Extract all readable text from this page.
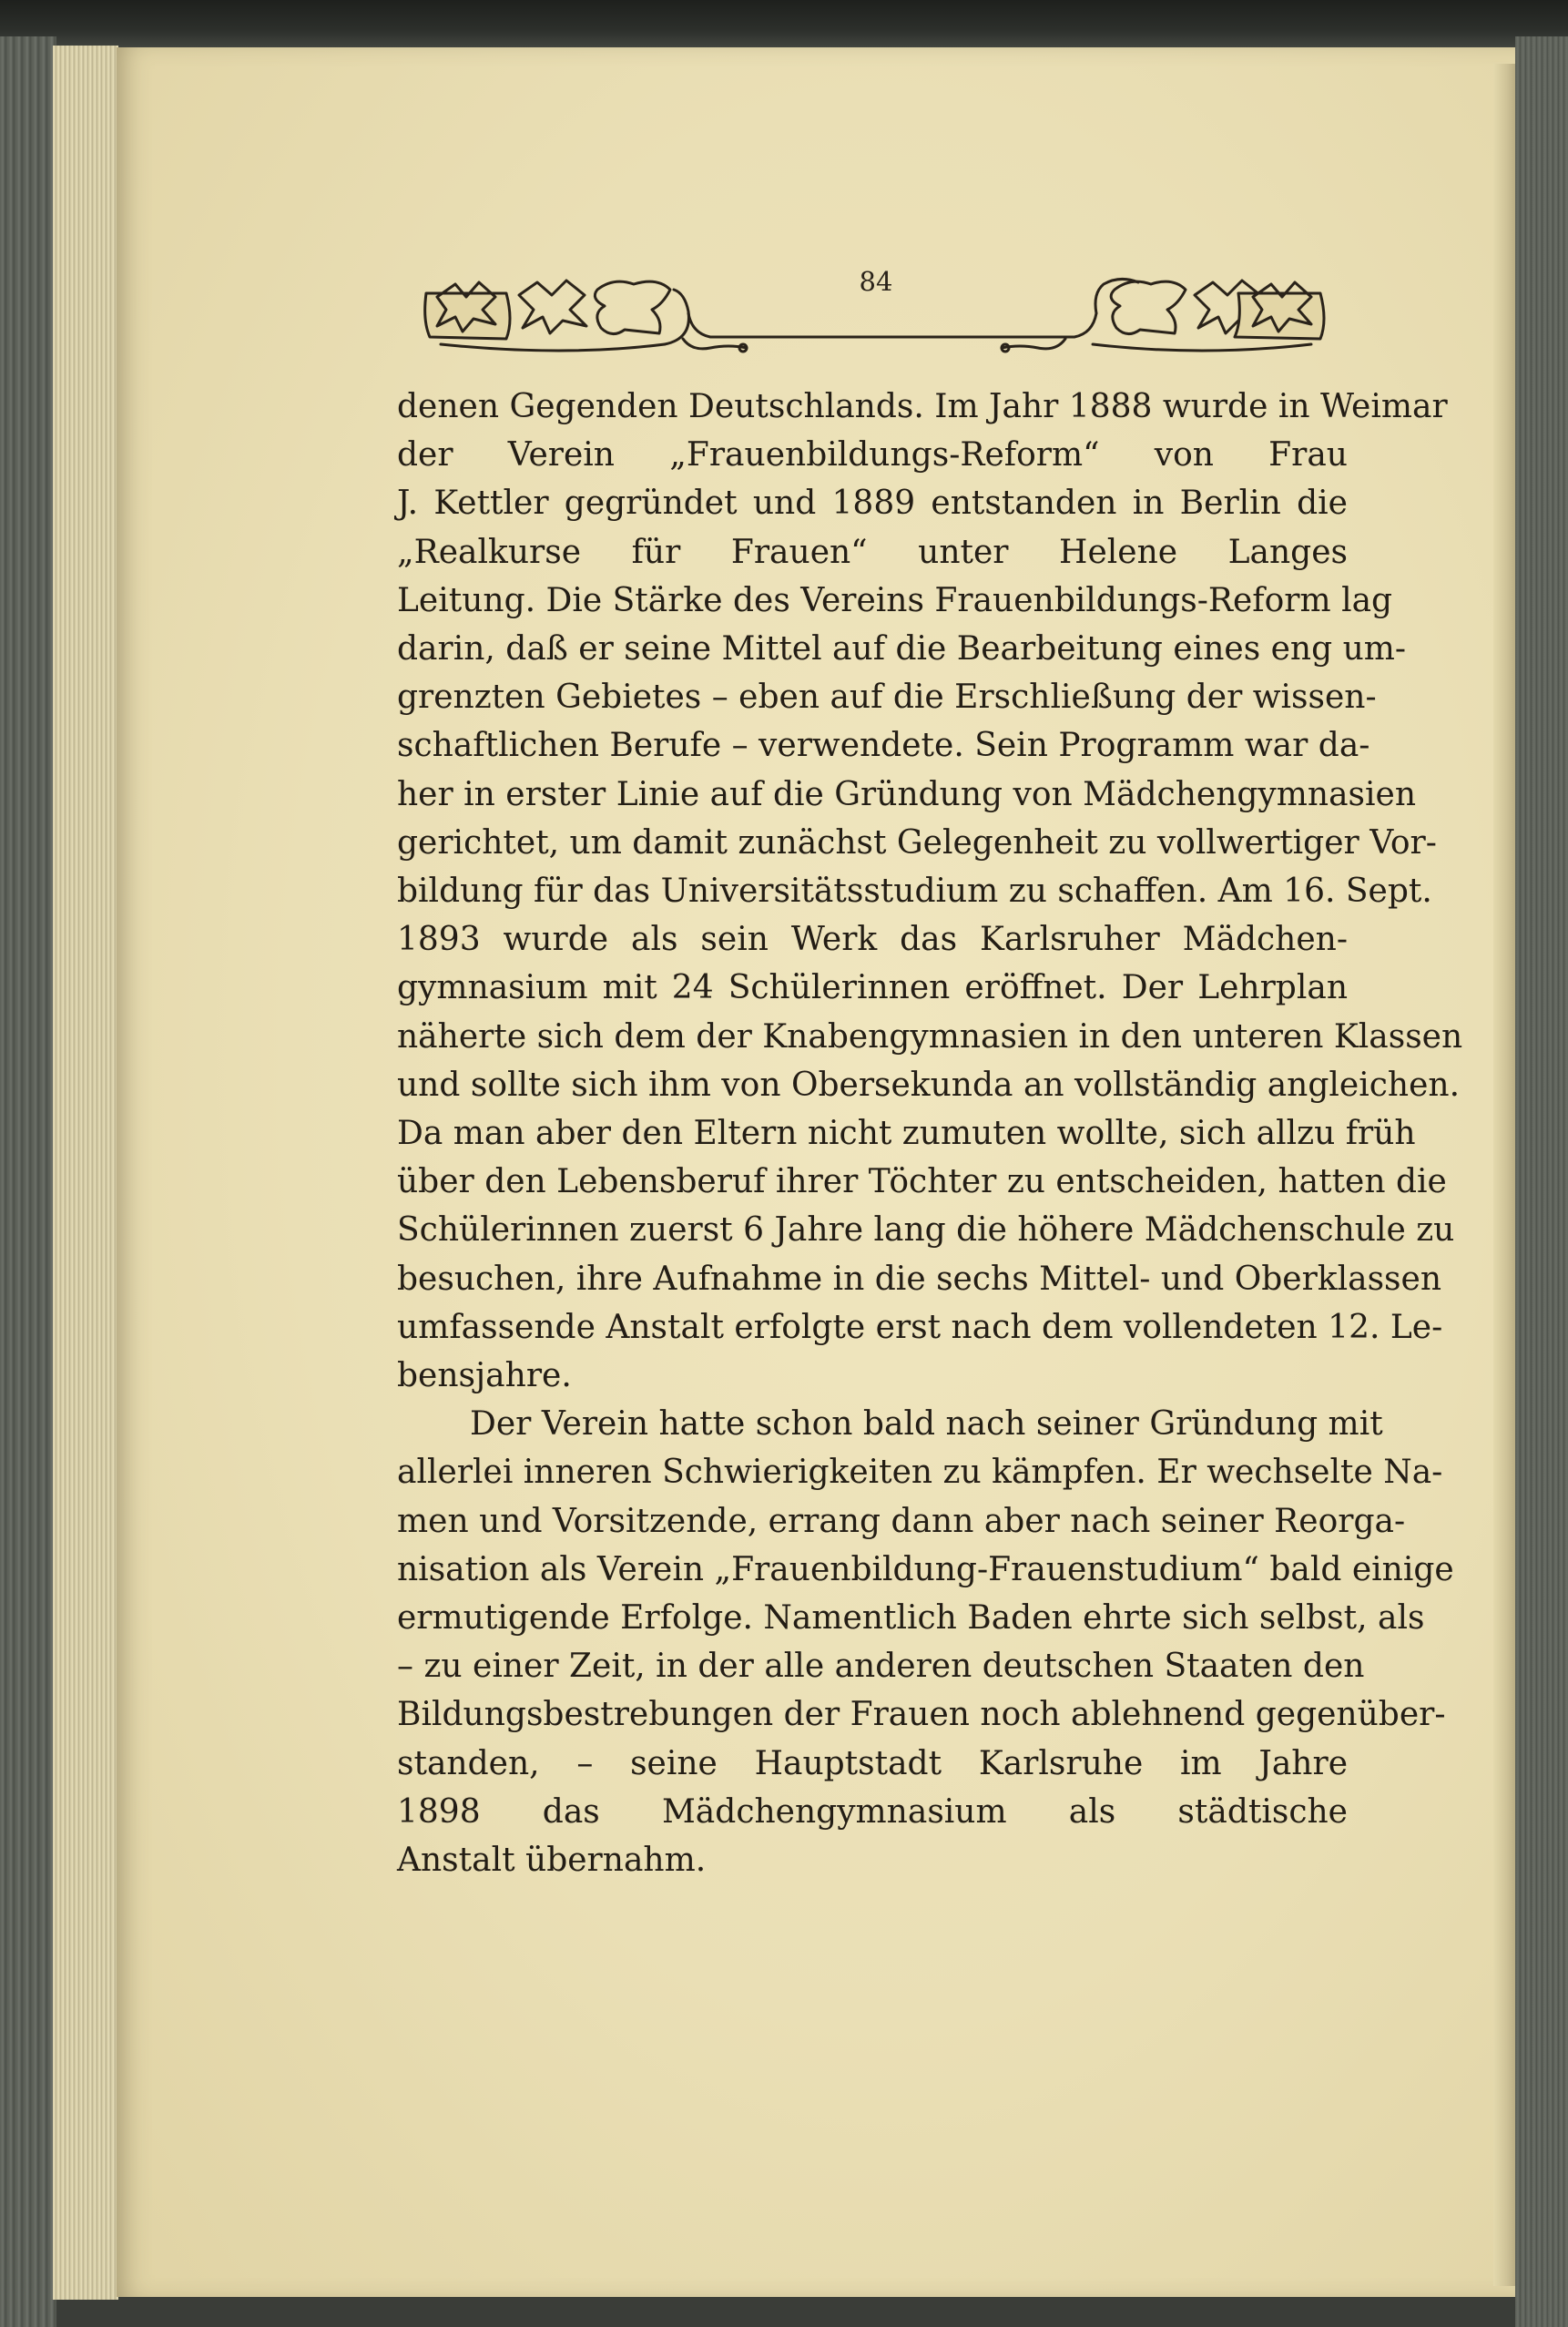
84
denen Gegenden Deutschlands. Im Jahr 1888 wurde in Weimar
der Verein „Frauenbildungs-Reform“ von Frau
J. Kettler gegründet und 1889 entstanden in Berlin die
„Realkurse für Frauen“ unter Helene Langes
Leitung. Die Stärke des Vereins Frauenbildungs-Reform lag
darin, daß er seine Mittel auf die Bearbeitung eines eng um-
grenzten Gebietes – eben auf die Erschließung der wissen-
schaftlichen Berufe – verwendete. Sein Programm war da-
her in erster Linie auf die Gründung von Mädchengymnasien
gerichtet, um damit zunächst Gelegenheit zu vollwertiger Vor-
bildung für das Universitätsstudium zu schaffen. Am 16. Sept.
1893 wurde als sein Werk das Karlsruher Mädchen-
gymnasium mit 24 Schülerinnen eröffnet. Der Lehrplan
näherte sich dem der Knabengymnasien in den unteren Klassen
und sollte sich ihm von Obersekunda an vollständig angleichen.
Da man aber den Eltern nicht zumuten wollte, sich allzu früh
über den Lebensberuf ihrer Töchter zu entscheiden, hatten die
Schülerinnen zuerst 6 Jahre lang die höhere Mädchenschule zu
besuchen, ihre Aufnahme in die sechs Mittel- und Oberklassen
umfassende Anstalt erfolgte erst nach dem vollendeten 12. Le-
bensjahre.
Der Verein hatte schon bald nach seiner Gründung mit
allerlei inneren Schwierigkeiten zu kämpfen. Er wechselte Na-
men und Vorsitzende, errang dann aber nach seiner Reorga-
nisation als Verein „Frauenbildung-Frauenstudium“ bald einige
ermutigende Erfolge. Namentlich Baden ehrte sich selbst, als
– zu einer Zeit, in der alle anderen deutschen Staaten den
Bildungsbestrebungen der Frauen noch ablehnend gegenüber-
standen, – seine Hauptstadt Karlsruhe im Jahre
1898 das Mädchengymnasium als städtische
Anstalt übernahm.
